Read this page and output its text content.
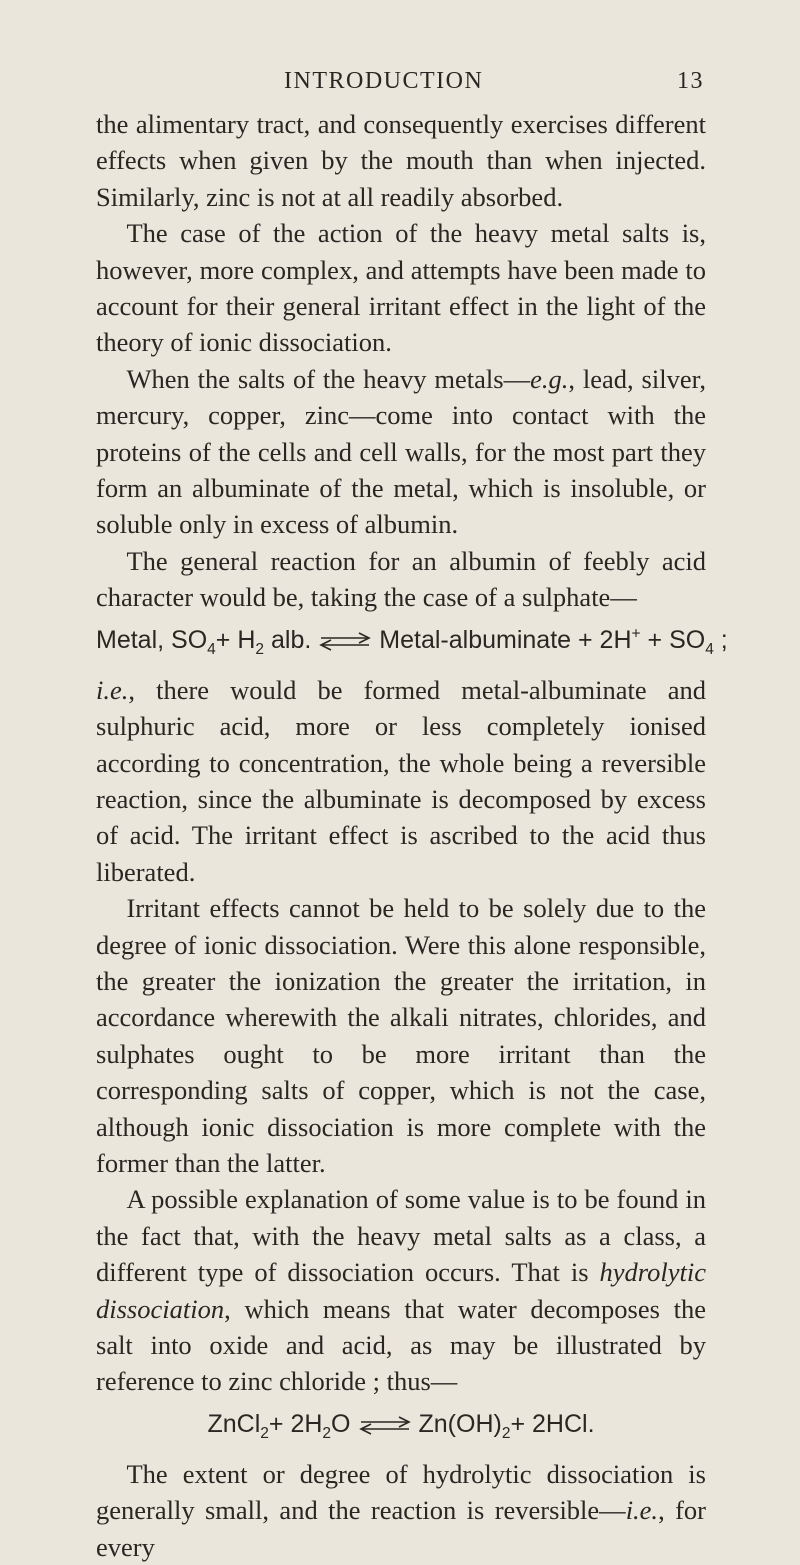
INTRODUCTION	13

the alimentary tract, and consequently exercises different effects when given by the mouth than when injected. Similarly, zinc is not at all readily absorbed.

The case of the action of the heavy metal salts is, however, more complex, and attempts have been made to account for their general irritant effect in the light of the theory of ionic dissociation.

When the salts of the heavy metals—e.g., lead, silver, mercury, copper, zinc—come into contact with the proteins of the cells and cell walls, for the most part they form an albuminate of the metal, which is insoluble, or soluble only in excess of albumin.

The general reaction for an albumin of feebly acid character would be, taking the case of a sulphate—

Metal, $SO_4+ H_2$ alb. ⇌ Metal-albuminate + $2H^+ + SO_4$ ;

i.e., there would be formed metal-albuminate and sulphuric acid, more or less completely ionised according to concentration, the whole being a reversible reaction, since the albuminate is decomposed by excess of acid. The irritant effect is ascribed to the acid thus liberated.

Irritant effects cannot be held to be solely due to the degree of ionic dissociation. Were this alone responsible, the greater the ionization the greater the irritation, in accordance wherewith the alkali nitrates, chlorides, and sulphates ought to be more irritant than the corresponding salts of copper, which is not the case, although ionic dissociation is more complete with the former than the latter.

A possible explanation of some value is to be found in the fact that, with the heavy metal salts as a class, a different type of dissociation occurs. That is hydrolytic dissociation, which means that water decomposes the salt into oxide and acid, as may be illustrated by reference to zinc chloride ; thus—

ZnCl$_2$+ $2H_2O$ ⇌ $Zn(OH)_2+ 2HCl$.

The extent or degree of hydrolytic dissociation is generally small, and the reaction is reversible—i.e., for every
